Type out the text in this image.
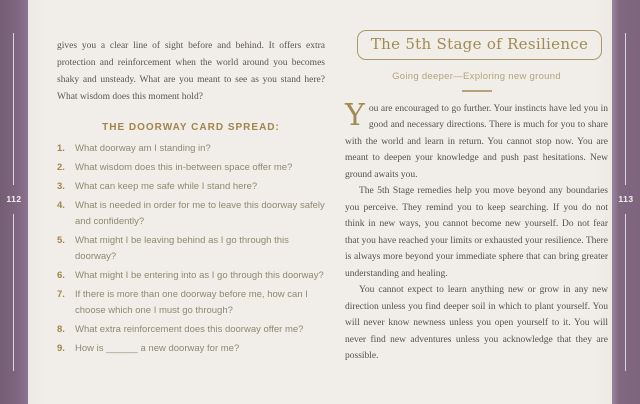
112

gives you a clear line of sight before and behind. It offers extra protection and reinforcement when the world around you becomes shaky and unsteady. What are you meant to see as you stand here? What wisdom does this moment hold?

THE DOORWAY CARD SPREAD:
1.	What doorway am I standing in?
2.	What wisdom does this in-between space offer me?
3.	What can keep me safe while I stand here?
4.	What is needed in order for me to leave this doorway safely and confidently?
5.	What might I be leaving behind as I go through this doorway?
6.	What might I be entering into as I go through this doorway?
7.	If there is more than one doorway before me, how can I choose which one I must go through?
8.	What extra reinforcement does this doorway offer me?
9.	How is ______ a new doorway for me?
The 5th Stage of Resilience
Going deeper—Exploring new ground

You are encouraged to go further. Your instincts have led you in good and necessary directions. There is much for you to share with the world and learn in return. You cannot stop now. You are meant to deepen your knowledge and push past hesitations. New ground awaits you.

The 5th Stage remedies help you move beyond any boundaries you perceive. They remind you to keep searching. If you do not think in new ways, you cannot become new yourself. Do not fear that you have reached your limits or exhausted your resilience. There is always more beyond your immediate sphere that can bring greater understanding and healing.

You cannot expect to learn anything new or grow in any new direction unless you find deeper soil in which to plant yourself. You will never know newness unless you open yourself to it. You will never find new adventures unless you acknowledge that they are possible.

113
